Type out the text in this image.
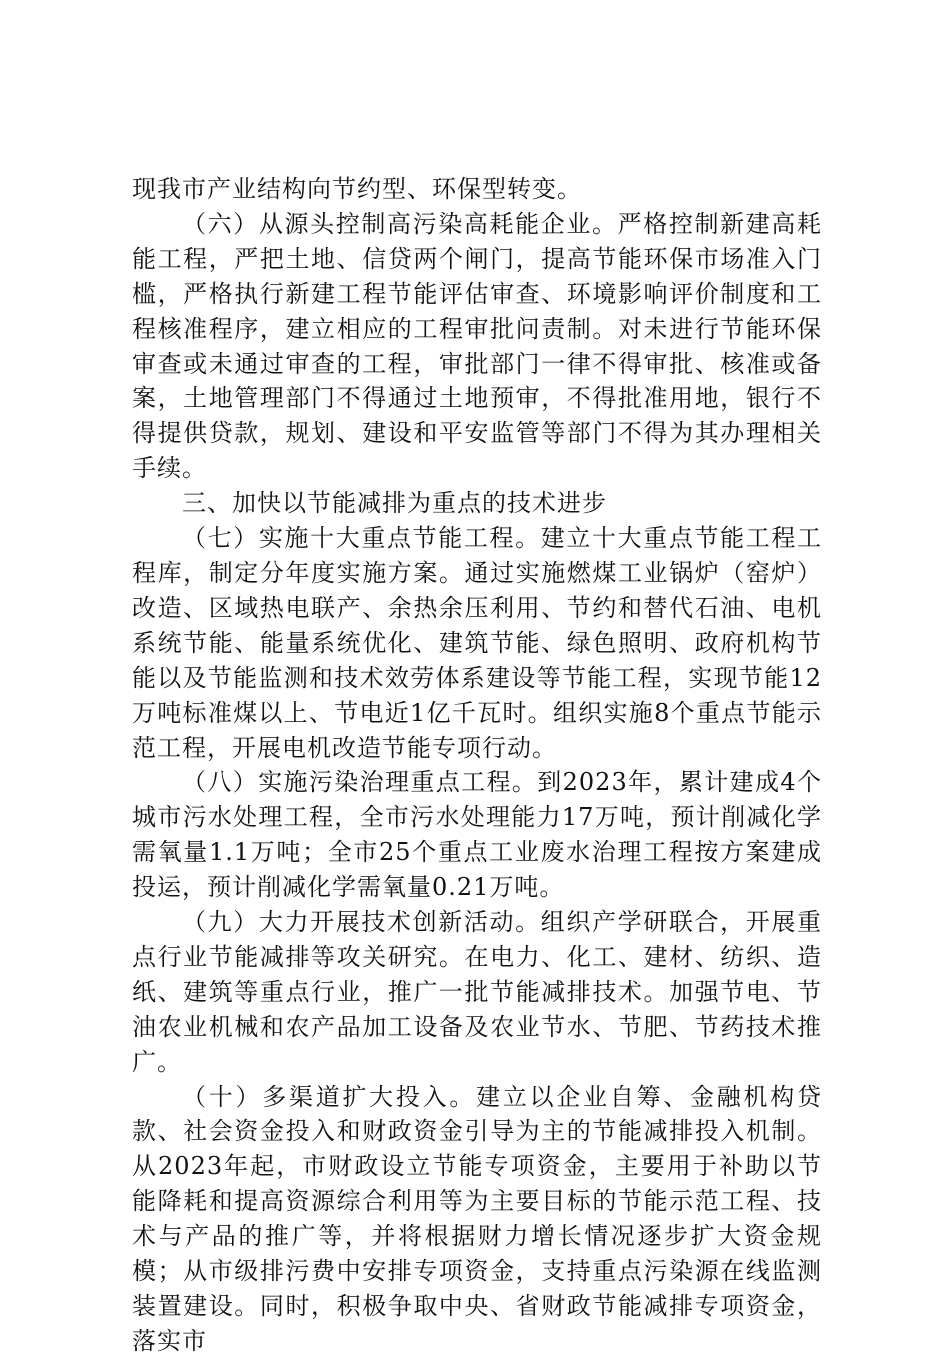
现我市产业结构向节约型、环保型转变。

（六）从源头控制高污染高耗能企业。严格控制新建高耗能工程，严把土地、信贷两个闸门，提高节能环保市场准入门槛，严格执行新建工程节能评估审查、环境影响评价制度和工程核准程序，建立相应的工程审批问责制。对未进行节能环保审查或未通过审查的工程，审批部门一律不得审批、核准或备案，土地管理部门不得通过土地预审，不得批准用地，银行不得提供贷款，规划、建设和平安监管等部门不得为其办理相关手续。

三、加快以节能减排为重点的技术进步

（七）实施十大重点节能工程。建立十大重点节能工程工程库，制定分年度实施方案。通过实施燃煤工业锅炉（窑炉）改造、区域热电联产、余热余压利用、节约和替代石油、电机系统节能、能量系统优化、建筑节能、绿色照明、政府机构节能以及节能监测和技术效劳体系建设等节能工程，实现节能12万吨标准煤以上、节电近1亿千瓦时。组织实施8个重点节能示范工程，开展电机改造节能专项行动。

（八）实施污染治理重点工程。到2023年，累计建成4个城市污水处理工程，全市污水处理能力17万吨，预计削减化学需氧量1.1万吨；全市25个重点工业废水治理工程按方案建成投运，预计削减化学需氧量0.21万吨。

（九）大力开展技术创新活动。组织产学研联合，开展重点行业节能减排等攻关研究。在电力、化工、建材、纺织、造纸、建筑等重点行业，推广一批节能减排技术。加强节电、节油农业机械和农产品加工设备及农业节水、节肥、节药技术推广。

（十）多渠道扩大投入。建立以企业自筹、金融机构贷款、社会资金投入和财政资金引导为主的节能减排投入机制。从2023年起，市财政设立节能专项资金，主要用于补助以节能降耗和提高资源综合利用等为主要目标的节能示范工程、技术与产品的推广等，并将根据财力增长情况逐步扩大资金规模；从市级排污费中安排专项资金，支持重点污染源在线监测装置建设。同时，积极争取中央、省财政节能减排专项资金，落实市
